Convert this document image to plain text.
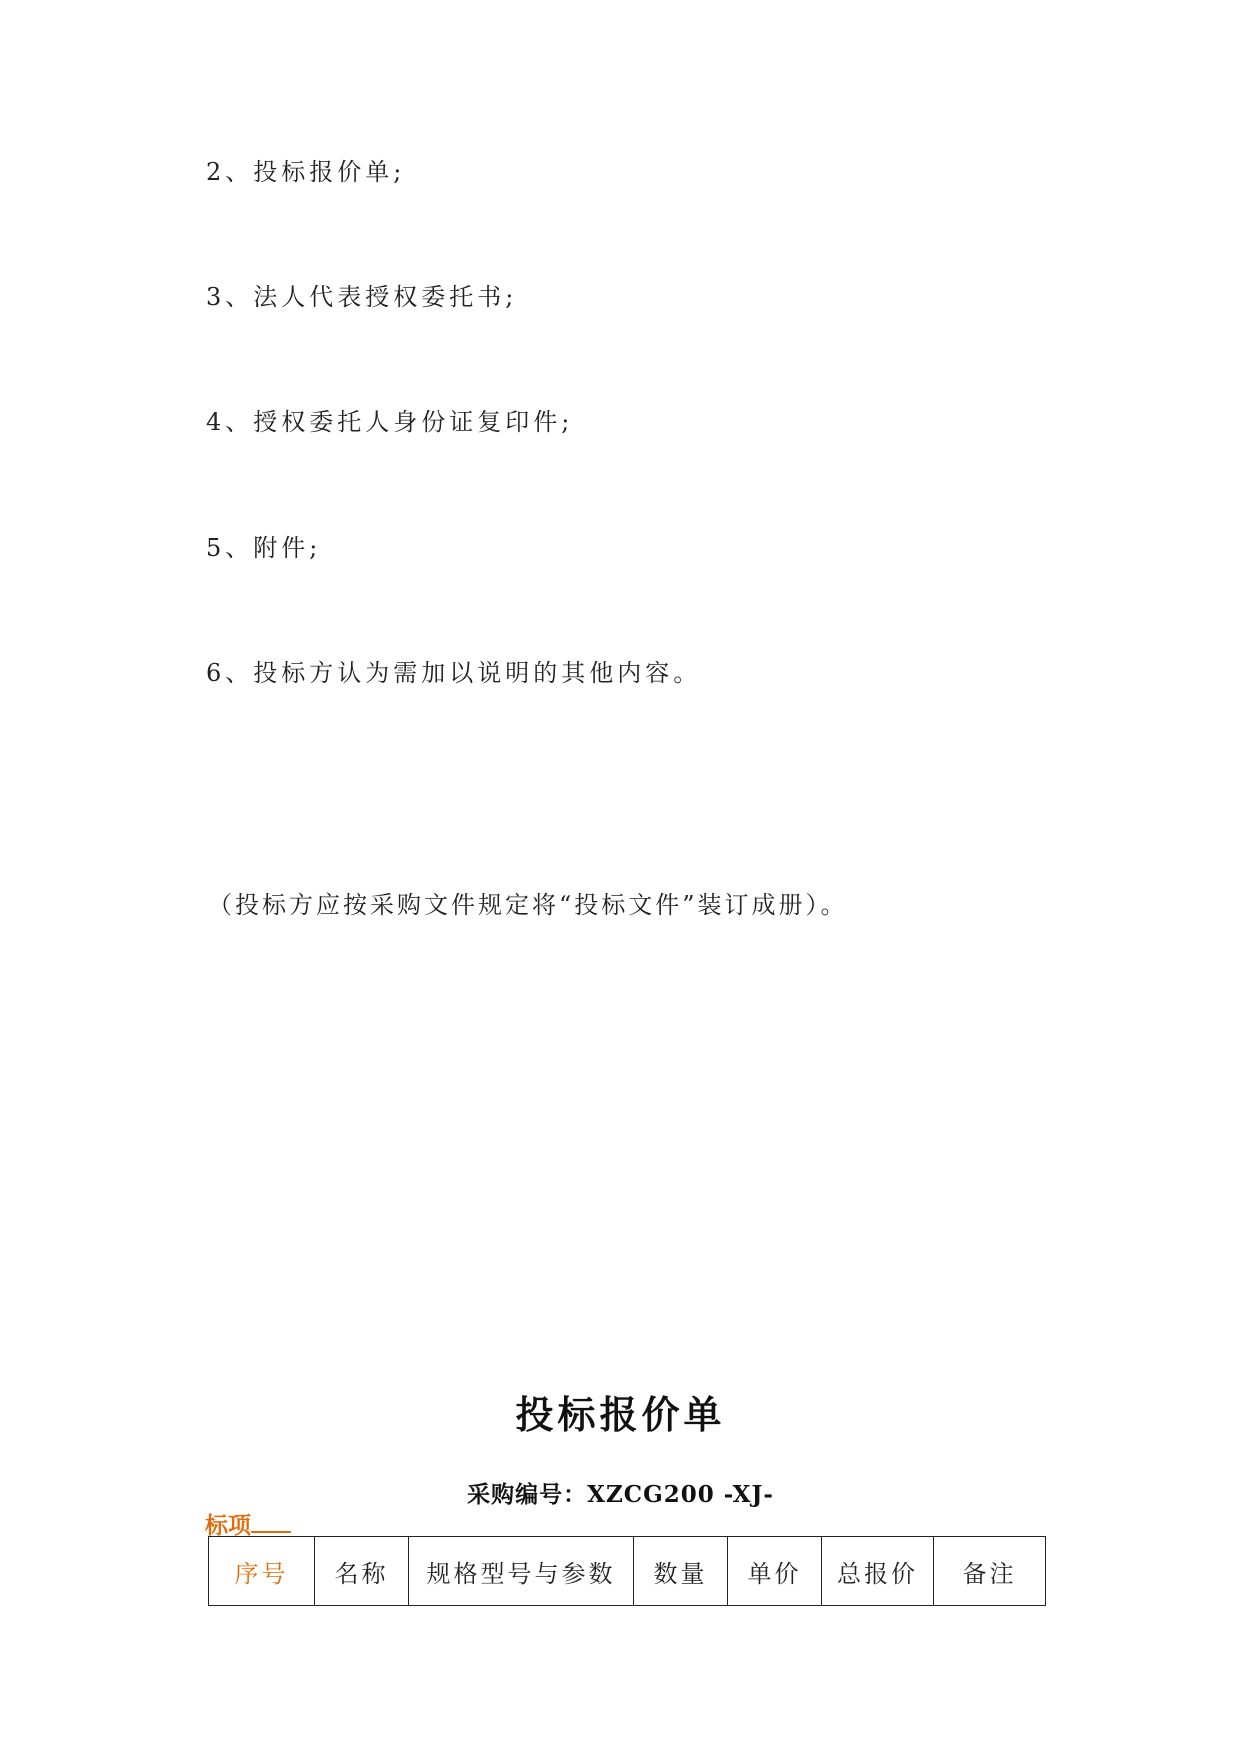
2、投标报价单;
3、法人代表授权委托书;
4、授权委托人身份证复印件;
5、附件;
6、投标方认为需加以说明的其他内容。
（投标方应按采购文件规定将“投标文件”装订成册）。
投标报价单
采购编号：XZCG200 -XJ-
标项
序号	名称	规格型号与参数	数量	单价	总报价	备注
